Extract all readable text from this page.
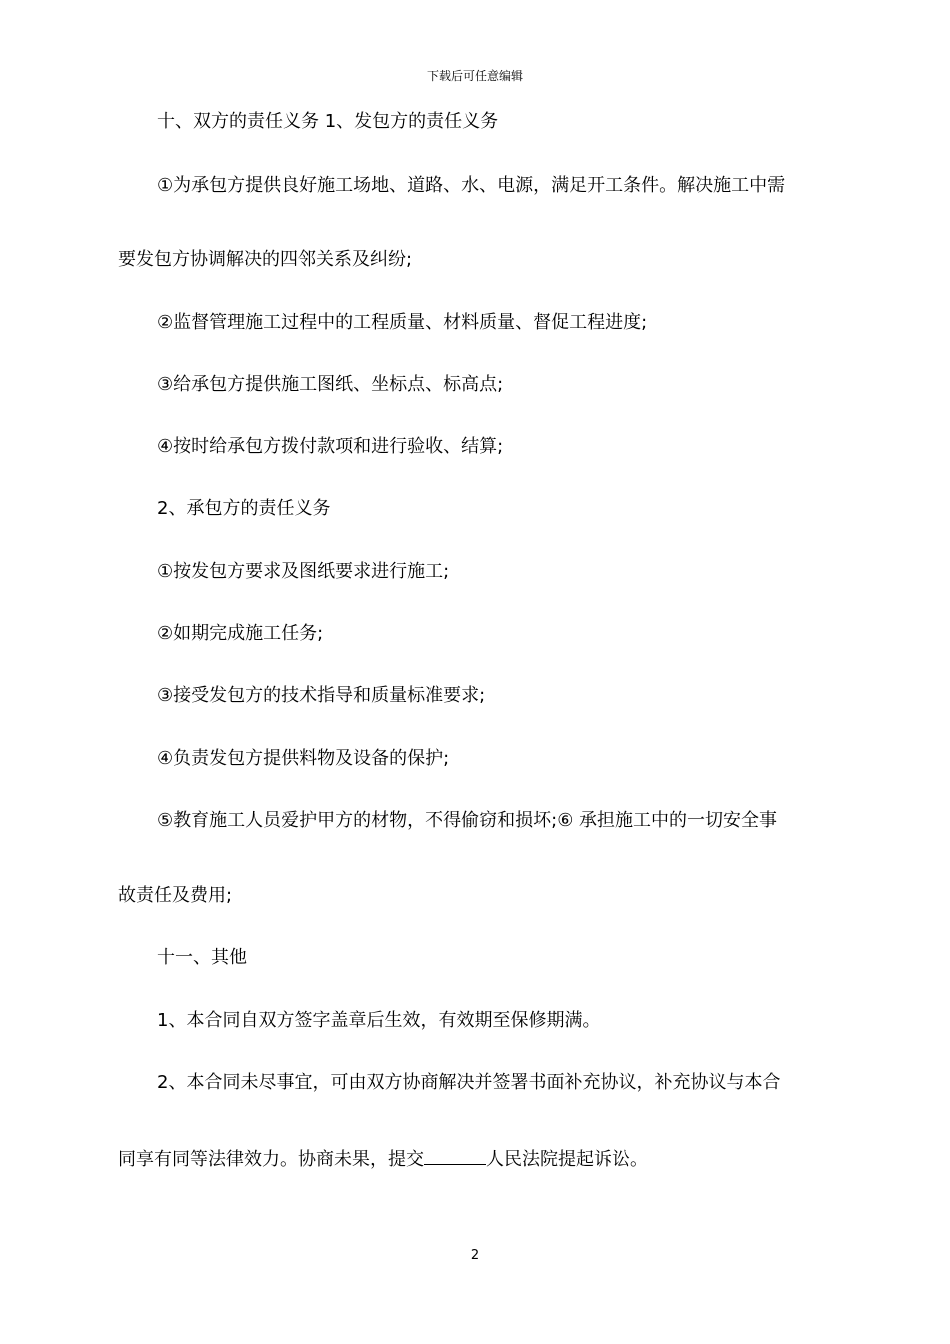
下载后可任意编辑
十、双方的责任义务 1、发包方的责任义务
①为承包方提供良好施工场地、道路、水、电源，满足开工条件。解决施工中需
要发包方协调解决的四邻关系及纠纷;
②监督管理施工过程中的工程质量、材料质量、督促工程进度;
③给承包方提供施工图纸、坐标点、标高点;
④按时给承包方拨付款项和进行验收、结算;
2、承包方的责任义务
①按发包方要求及图纸要求进行施工;
②如期完成施工任务;
③接受发包方的技术指导和质量标准要求;
④负责发包方提供料物及设备的保护;
⑤教育施工人员爱护甲方的材物，不得偷窃和损坏;⑥ 承担施工中的一切安全事
故责任及费用;
十一、其他
1、本合同自双方签字盖章后生效，有效期至保修期满。
2、本合同未尽事宜，可由双方协商解决并签署书面补充协议，补充协议与本合
同享有同等法律效力。协商未果，提交	人民法院提起诉讼。
2
